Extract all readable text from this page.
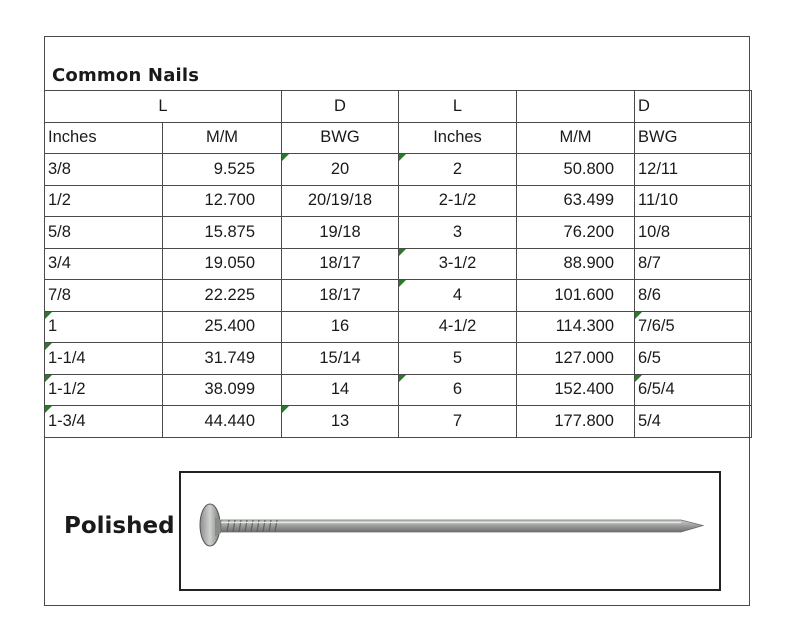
Common Nails
L		D	L		D
Inches	M/M	BWG	Inches	M/M	BWG
3/8	9.525	20	2	50.800	12/11
1/2	12.700	20/19/18	2-1/2	63.499	11/10
5/8	15.875	19/18	3	76.200	10/8
3/4	19.050	18/17	3-1/2	88.900	8/7
7/8	22.225	18/17	4	101.600	8/6
1	25.400	16	4-1/2	114.300	7/6/5
1-1/4	31.749	15/14	5	127.000	6/5
1-1/2	38.099	14	6	152.400	6/5/4
1-3/4	44.440	13	7	177.800	5/4
Polished
